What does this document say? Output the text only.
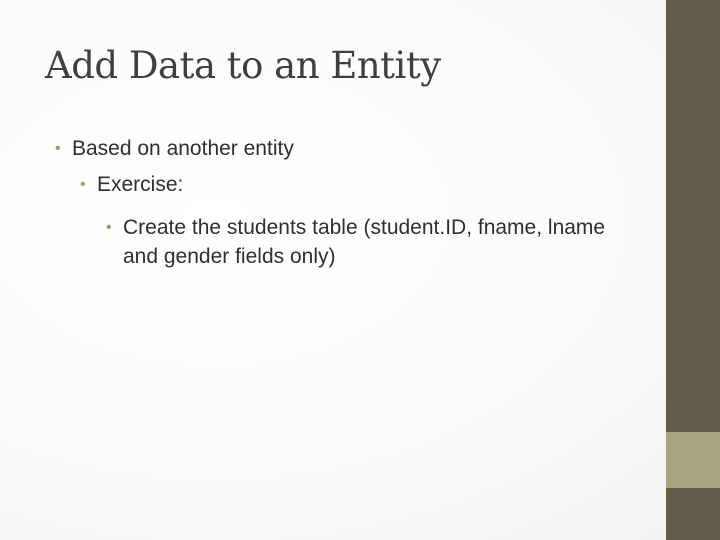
Add Data to an Entity
• Based on another entity
• Exercise:
• Create the students table (student.ID, fname, lname and gender fields only)
